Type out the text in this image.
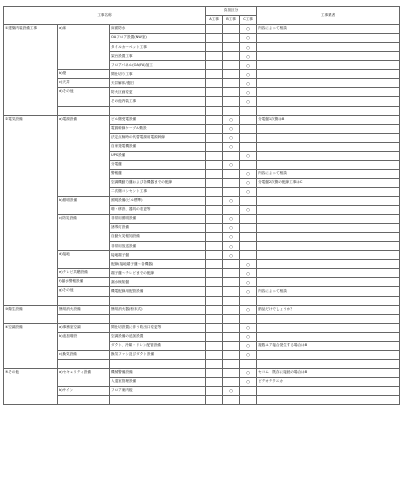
工事名称			負担区分			工事業者
			A工事	B工事	C工事	
①建築内装設備工事	a)床	床面防水			○	内容によって相談
		OAフロア設置(NW室)			○	
		タイルカーペット工事			○	
		架台設置工事			○	
		フロアパネル(OA/FA)加工			○	
	b)壁	間仕切り工事			○	
	c)天井	天井解体/復旧			○	
	d)その他	防火区画変更			○	
		その他内装工事			○	

②電気設備	a)電源設備	ビル側受電設備		○		分電盤1次側はB
		電源幹線ケーブル敷設		○		
		法定点検時の代替電源用電源幹線		○		
		自家発電機設備		○		
		UPS設備			○	
		分電盤		○		
		警報盤			○	内容によって相談
		空調機動力盤および各機器までの配線			○	分電盤2次側の配線工事はC
		二次側コンセント工事			○	
	b)照明設備	照明設備(ビル標準)		○		
		増・移設、器具の変更等			○	
	c)防災設備	非常用照明設備		○		
		誘導灯設備		○		
		自動火災報知設備		○		
		非常用放送設備		○		
	d)接地	接地端子盤		○		
		配線(接地端子盤～各機器)			○	
	e)テレビ共聴設備	端子盤～テレビまでの配線			○	
	f)漏水警報設備	漏水検知盤			○	
	g)その他	機電配線用配管設備			○	内容によって相談

③衛生設備	簡易消火設備	簡易消火器(粉末式)			○	納品だけでしょうか？

④空調設備	a)事務室空調	間仕切設置に伴う吹出口変更等			○	
	b)追加増設	空調設備の追加設置			○	
		ダクト、冷媒・ドレン配管設備			○	複数ユア接合発生する場合はB
	c)換気設備	換気ファン及びダクト設備			○	

⑤その他	a)セキュリティ設備	機械警備設備			○	セコム　既存に接続の場合はB
		入退室管理設備			○	ビデオテクニカ
	b)サイン	フロア案内板		○		
